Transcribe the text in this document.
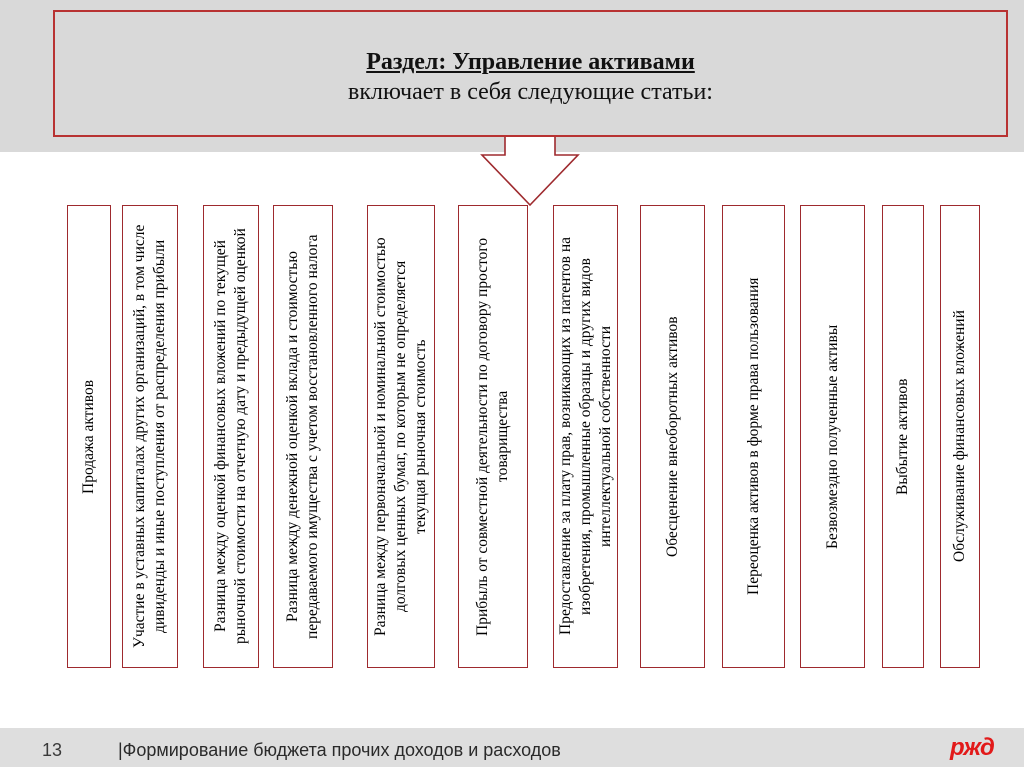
Раздел: Управление активами
включает в себя следующие статьи:
Продажа активов
Участие в уставных капиталах других организаций, в том числе
дивиденды и иные поступления от распределения прибыли
Разница между оценкой финансовых вложений по текущей
рыночной стоимости на отчетную дату и предыдущей оценкой
Разница между денежной оценкой вклада и стоимостью
передаваемого имущества с учетом восстановленного налога
Разница между первоначальной и номинальной стоимостью
долговых ценных бумаг, по которым не определяется
текущая рыночная стоимость
Прибыль от совместной деятельности по договору простого
товарищества
Предоставление за плату прав, возникающих из патентов на
изобретения, промышленные образцы и других видов
интеллектуальной собственности	Обесценение внеоборотных активов	Переоценка активов в форме права пользования	Безвозмездно полученные активы	Выбытие активов	Обслуживание финансовых вложений
13	|Формирование бюджета прочих доходов и расходов	ржд
